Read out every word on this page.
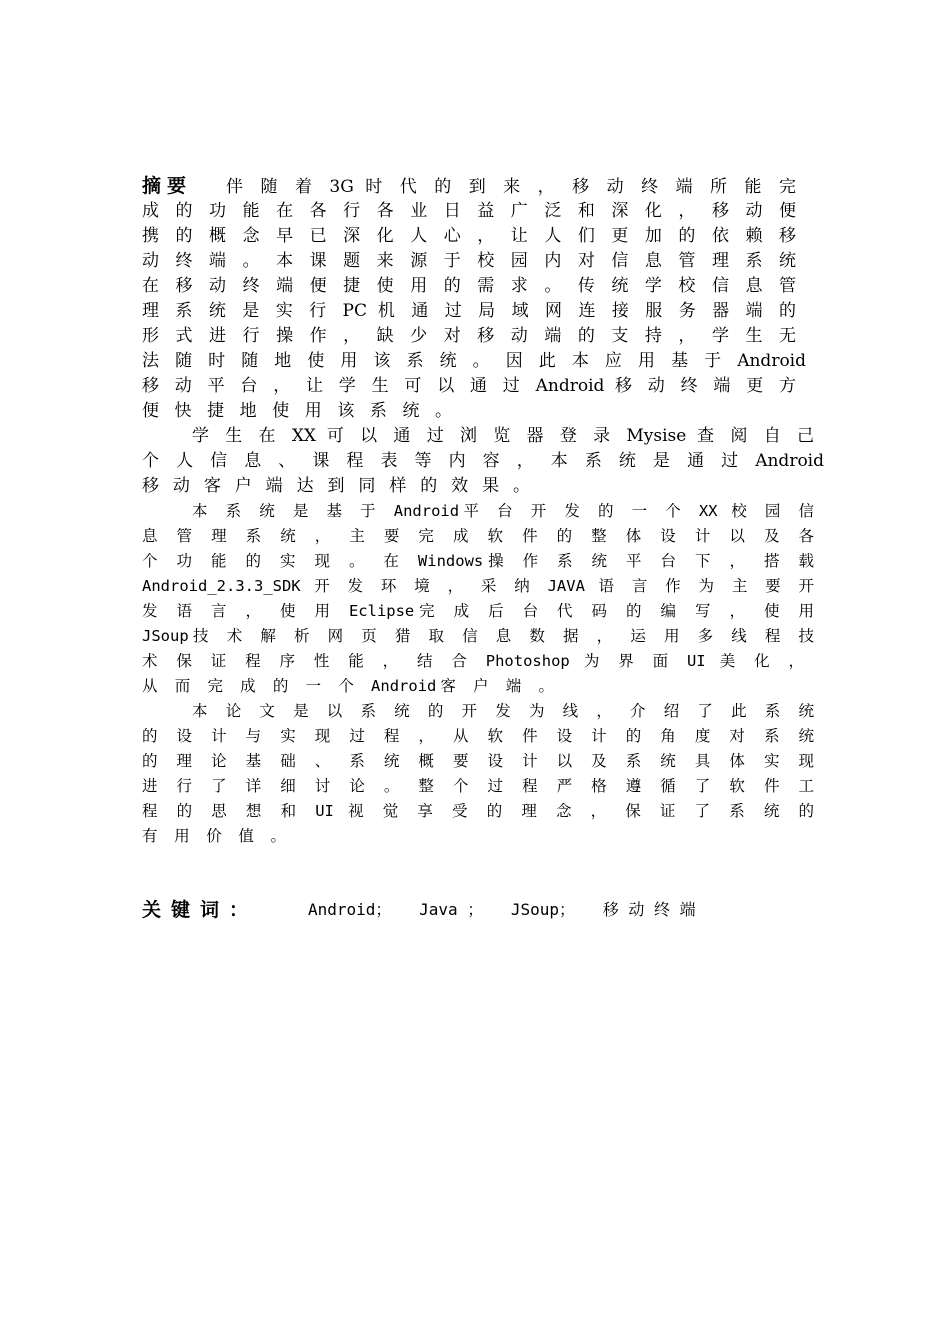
摘要 伴 随 着 3G 时 代 的 到 来 ， 移 动 终 端 所 能 完
成 的 功 能 在 各 行 各 业 日 益 广 泛 和 深 化 ， 移 动 便
携 的 概 念 早 已 深 化 人 心 ， 让 人 们 更 加 的 依 赖 移
动 终 端 。 本 课 题 来 源 于 校 园 内 对 信 息 管 理 系 统
在 移 动 终 端 便 捷 使 用 的 需 求 。 传 统 学 校 信 息 管
理 系 统 是 实 行 PC 机 通 过 局 域 网 连 接 服 务 器 端 的
形 式 进 行 操 作 ， 缺 少 对 移 动 端 的 支 持 ， 学 生 无
法 随 时 随 地 使 用 该 系 统 。 因 此 本 应 用 基 于 Android
移 动 平 台 ， 让 学 生 可 以 通 过 Android 移 动 终 端 更 方
便 快 捷 地 使 用 该 系 统 。
学 生 在 XX 可 以 通 过 浏 览 器 登 录 Mysise 查 阅 自 己
个 人 信 息 、 课 程 表 等 内 容 ， 本 系 统 是 通 过 Android
移 动 客 户 端 达 到 同 样 的 效 果 。
本 系 统 是 基 于 Android平 台 开 发 的 一 个 XX 校 园 信
息 管 理 系 统 ， 主 要 完 成 软 件 的 整 体 设 计 以 及 各
个 功 能 的 实 现 。 在 Windows操 作 系 统 平 台 下 ， 搭 载
Android_2.3.3_SDK 开 发 环 境 ， 采 纳 JAVA 语 言 作 为 主 要 开
发 语 言 ， 使 用 Eclipse完 成 后 台 代 码 的 编 写 ， 使 用
JSoup技 术 解 析 网 页 猎 取 信 息 数 据 ， 运 用 多 线 程 技
术 保 证 程 序 性 能 ， 结 合 Photoshop 为 界 面 UI 美 化 ，
从 而 完 成 的 一 个 Android客 户 端 。
本 论 文 是 以 系 统 的 开 发 为 线 ， 介 绍 了 此 系 统
的 设 计 与 实 现 过 程 ， 从 软 件 设 计 的 角 度 对 系 统
的 理 论 基 础 、 系 统 概 要 设 计 以 及 系 统 具 体 实 现
进 行 了 详 细 讨 论 。 整 个 过 程 严 格 遵 循 了 软 件 工
程 的 思 想 和 UI 视 觉 享 受 的 理 念 ， 保 证 了 系 统 的
有 用 价 值 。
关键词：	Android； Java ； JSoup； 移 动 终 端
